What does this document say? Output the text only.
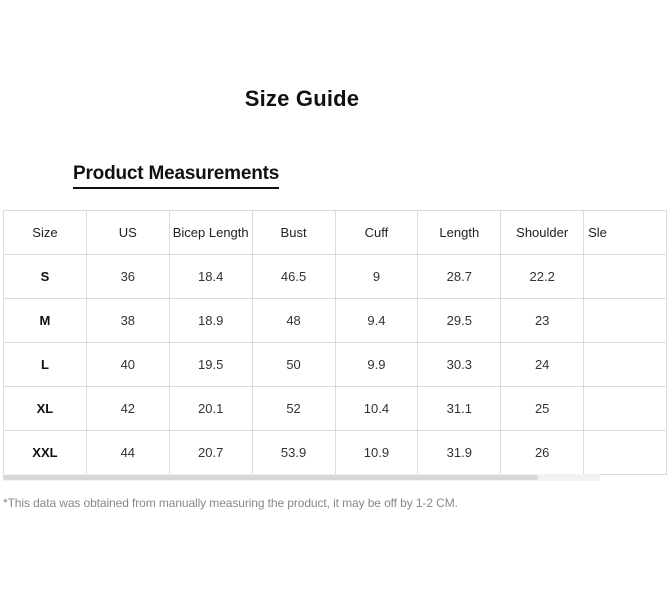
Size Guide
Product Measurements
Size	US	Bicep Length	Bust	Cuff	Length	Shoulder	Sle
S	36	18.4	46.5	9	28.7	22.2	
M	38	18.9	48	9.4	29.5	23	
L	40	19.5	50	9.9	30.3	24	
XL	42	20.1	52	10.4	31.1	25	
XXL	44	20.7	53.9	10.9	31.9	26	
*This data was obtained from manually measuring the product, it may be off by 1-2 CM.
